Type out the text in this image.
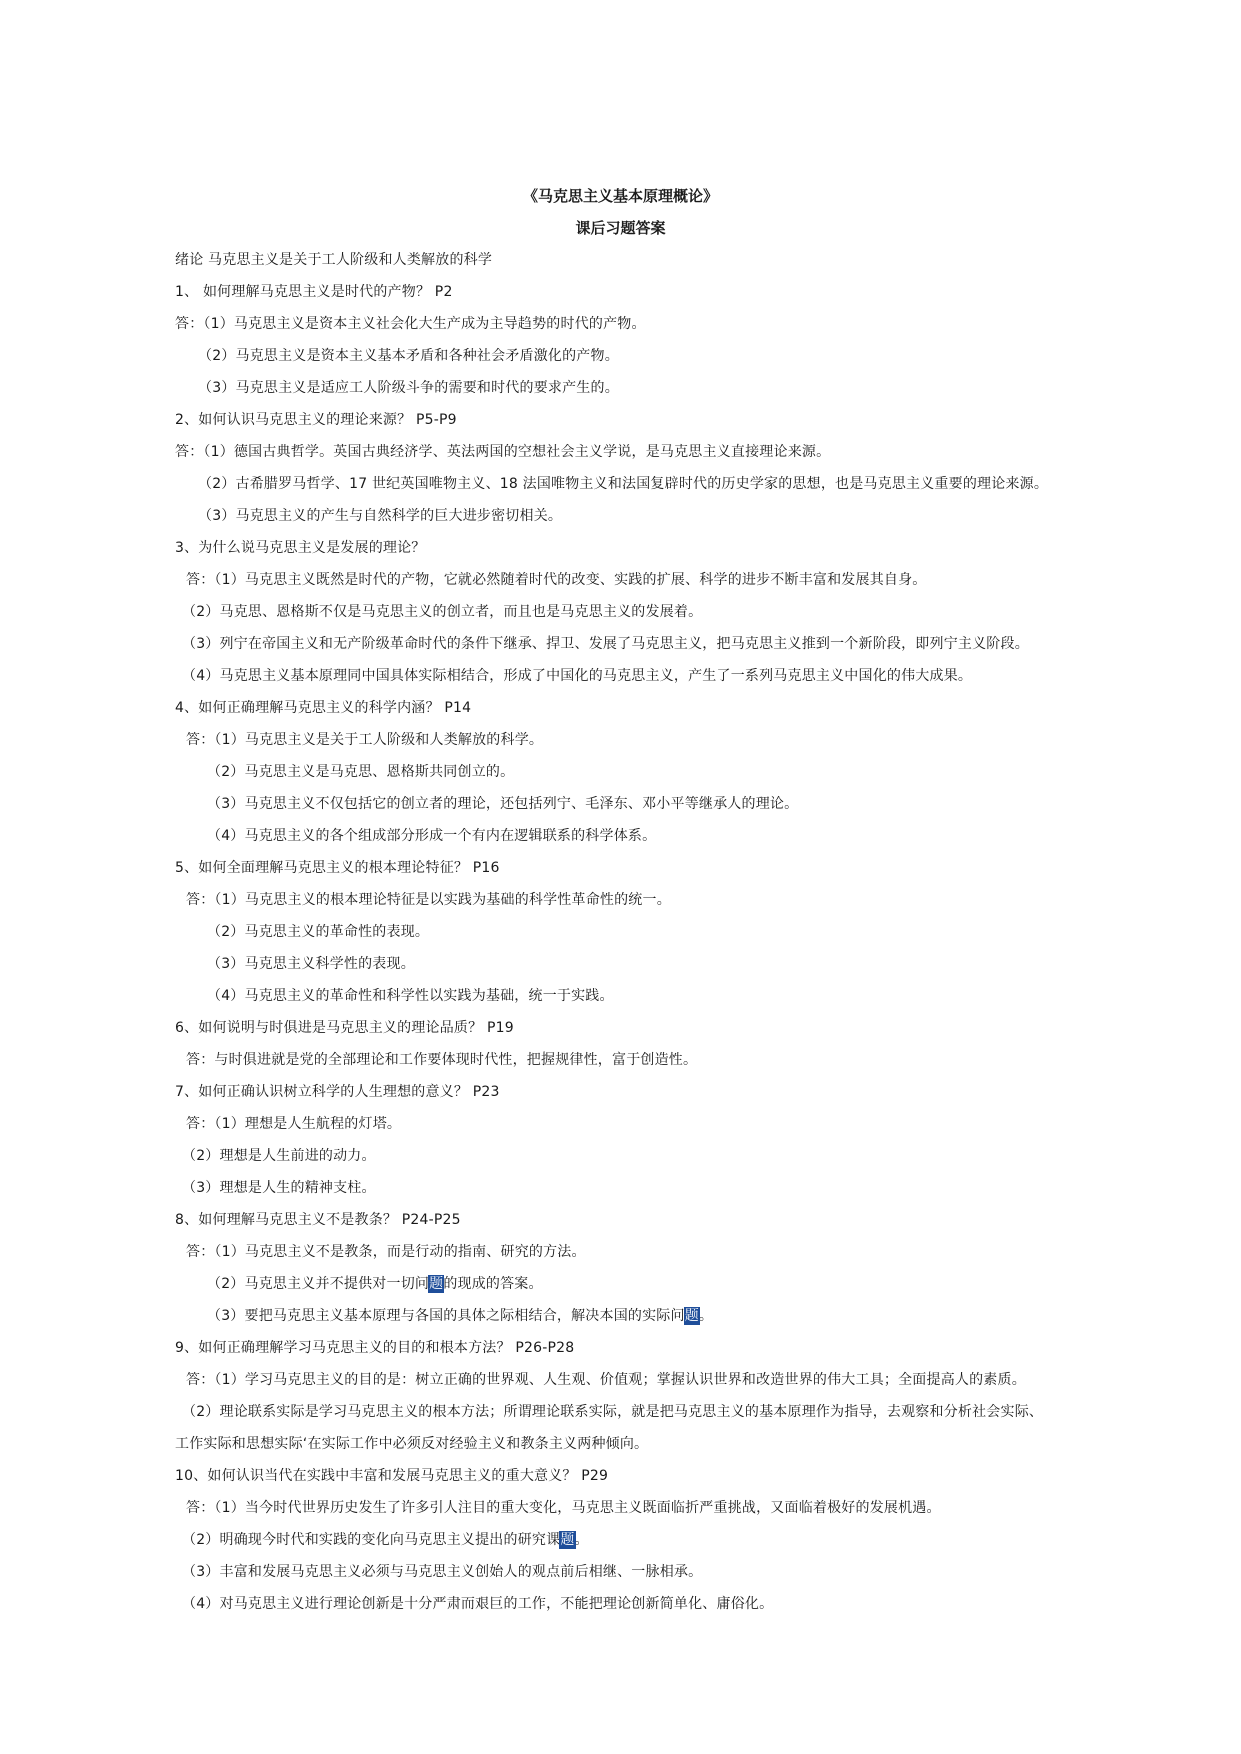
《马克思主义基本原理概论》
课后习题答案
绪论 马克思主义是关于工人阶级和人类解放的科学
1、 如何理解马克思主义是时代的产物？ P2
答：（1）马克思主义是资本主义社会化大生产成为主导趋势的时代的产物。
（2）马克思主义是资本主义基本矛盾和各种社会矛盾激化的产物。
（3）马克思主义是适应工人阶级斗争的需要和时代的要求产生的。
2、如何认识马克思主义的理论来源？ P5-P9
答：（1）德国古典哲学。英国古典经济学、英法两国的空想社会主义学说，是马克思主义直接理论来源。
（2）古希腊罗马哲学、17 世纪英国唯物主义、18 法国唯物主义和法国复辟时代的历史学家的思想，也是马克思主义重要的理论来源。
（3）马克思主义的产生与自然科学的巨大进步密切相关。
3、为什么说马克思主义是发展的理论？
答：（1）马克思主义既然是时代的产物，它就必然随着时代的改变、实践的扩展、科学的进步不断丰富和发展其自身。
（2）马克思、恩格斯不仅是马克思主义的创立者，而且也是马克思主义的发展着。
（3）列宁在帝国主义和无产阶级革命时代的条件下继承、捍卫、发展了马克思主义，把马克思主义推到一个新阶段，即列宁主义阶段。
（4）马克思主义基本原理同中国具体实际相结合，形成了中国化的马克思主义，产生了一系列马克思主义中国化的伟大成果。
4、如何正确理解马克思主义的科学内涵？ P14
答：（1）马克思主义是关于工人阶级和人类解放的科学。
（2）马克思主义是马克思、恩格斯共同创立的。
（3）马克思主义不仅包括它的创立者的理论，还包括列宁、毛泽东、邓小平等继承人的理论。
（4）马克思主义的各个组成部分形成一个有内在逻辑联系的科学体系。
5、如何全面理解马克思主义的根本理论特征？ P16
答：（1）马克思主义的根本理论特征是以实践为基础的科学性革命性的统一。
（2）马克思主义的革命性的表现。
（3）马克思主义科学性的表现。
（4）马克思主义的革命性和科学性以实践为基础，统一于实践。
6、如何说明与时俱进是马克思主义的理论品质？ P19
答：与时俱进就是党的全部理论和工作要体现时代性，把握规律性，富于创造性。
7、如何正确认识树立科学的人生理想的意义？ P23
答：（1）理想是人生航程的灯塔。
（2）理想是人生前进的动力。
（3）理想是人生的精神支柱。
8、如何理解马克思主义不是教条？ P24-P25
答：（1）马克思主义不是教条，而是行动的指南、研究的方法。
（2）马克思主义并不提供对一切问题的现成的答案。
（3）要把马克思主义基本原理与各国的具体之际相结合，解决本国的实际问题。
9、如何正确理解学习马克思主义的目的和根本方法？ P26-P28
答：（1）学习马克思主义的目的是：树立正确的世界观、人生观、价值观；掌握认识世界和改造世界的伟大工具；全面提高人的素质。
（2）理论联系实际是学习马克思主义的根本方法；所谓理论联系实际，就是把马克思主义的基本原理作为指导，去观察和分析社会实际、
工作实际和思想实际‘在实际工作中必须反对经验主义和教条主义两种倾向。
10、如何认识当代在实践中丰富和发展马克思主义的重大意义？ P29
答：（1）当今时代世界历史发生了许多引人注目的重大变化，马克思主义既面临折严重挑战，又面临着极好的发展机遇。
（2）明确现今时代和实践的变化向马克思主义提出的研究课题。
（3）丰富和发展马克思主义必须与马克思主义创始人的观点前后相继、一脉相承。
（4）对马克思主义进行理论创新是十分严肃而艰巨的工作，不能把理论创新简单化、庸俗化。
